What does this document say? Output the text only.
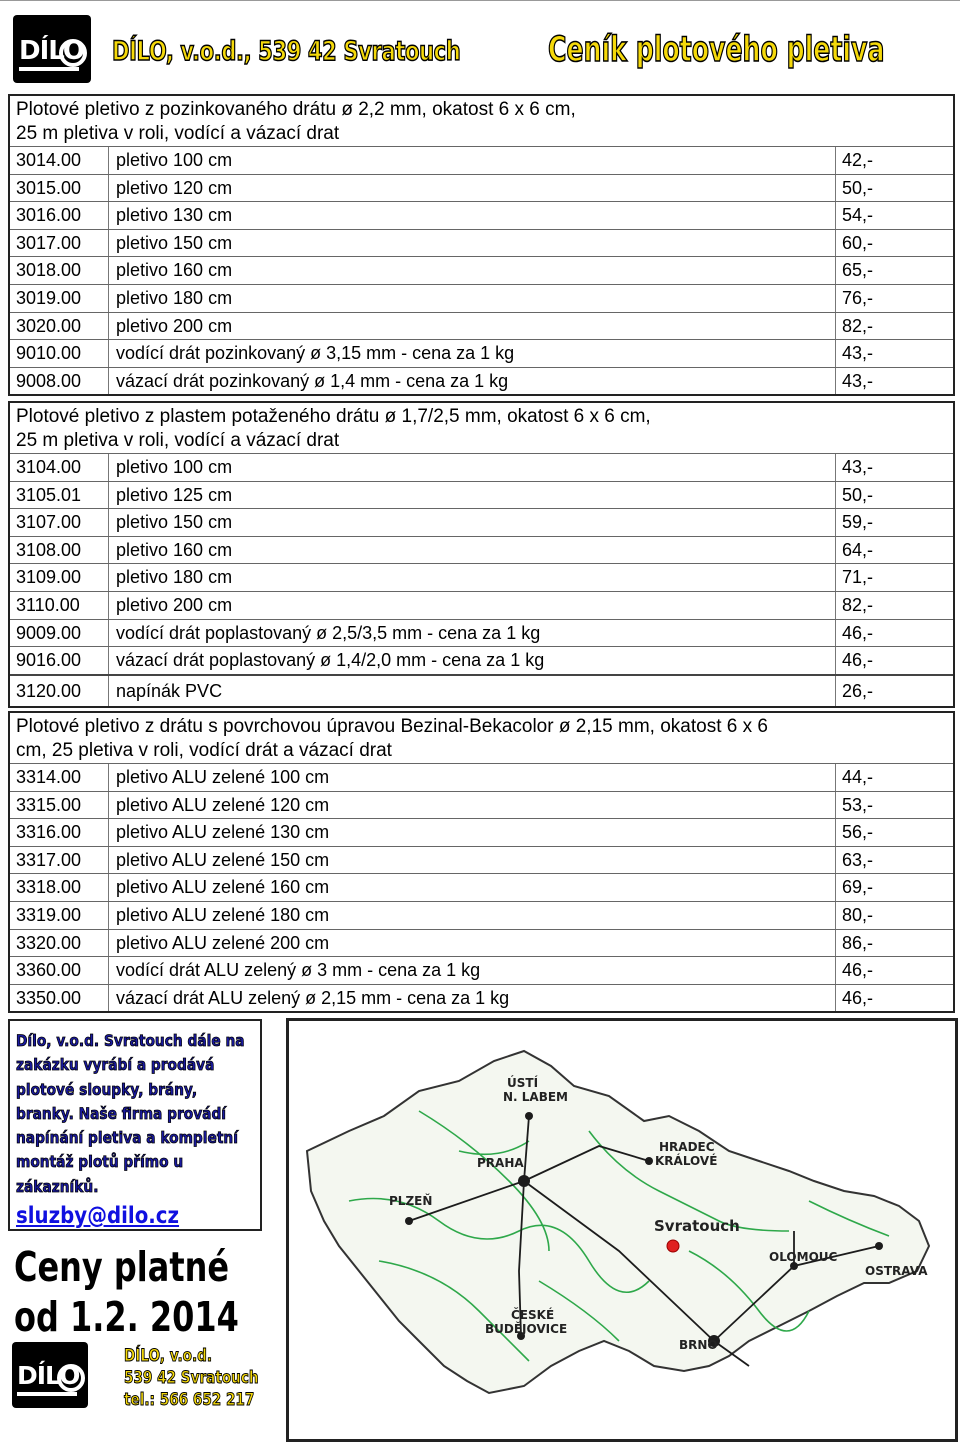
DÍLO DÍLO, v.o.d., 539 42 Svratouch	Ceník plotového pletiva
Plotové pletivo z pozinkovaného drátu ø 2,2 mm, okatost 6 x 6 cm,
25 m pletiva v roli, vodící a vázací drat
3014.00 pletivo 100 cm	42,-
3015.00 pletivo 120 cm	50,-
3016.00 pletivo 130 cm	54,-
3017.00 pletivo 150 cm	60,-
3018.00 pletivo 160 cm	65,-
3019.00 pletivo 180 cm	76,-
3020.00 pletivo 200 cm	82,-
9010.00 vodící drát pozinkovaný ø 3,15 mm - cena za 1 kg	43,-
9008.00 vázací drát pozinkovaný ø 1,4 mm - cena za 1 kg	43,-
Plotové pletivo z plastem potaženého drátu ø 1,7/2,5 mm, okatost 6 x 6 cm,
25 m pletiva v roli, vodící a vázací drat
3104.00 pletivo 100 cm	43,-
3105.01 pletivo 125 cm	50,-
3107.00 pletivo 150 cm	59,-
3108.00 pletivo 160 cm	64,-
3109.00 pletivo 180 cm	71,-
3110.00 pletivo 200 cm	82,-
9009.00 vodící drát poplastovaný ø 2,5/3,5 mm - cena za 1 kg	46,-
9016.00 vázací drát poplastovaný ø 1,4/2,0 mm - cena za 1 kg	46,-
3120.00 napínák PVC	26,-
Plotové pletivo z drátu s povrchovou úpravou Bezinal-Bekacolor ø 2,15 mm, okatost 6 x 6
cm, 25 pletiva v roli, vodící drát a vázací drat
3314.00 pletivo ALU zelené 100 cm	44,-
3315.00 pletivo ALU zelené 120 cm	53,-
3316.00 pletivo ALU zelené 130 cm	56,-
3317.00 pletivo ALU zelené 150 cm	63,-
3318.00 pletivo ALU zelené 160 cm	69,-
3319.00 pletivo ALU zelené 180 cm	80,-
3320.00 pletivo ALU zelené 200 cm	86,-
3360.00 vodící drát ALU zelený ø 3 mm - cena za 1 kg	46,-
3350.00 vázací drát ALU zelený ø 2,15 mm - cena za 1 kg	46,-
Dílo, v.o.d. Svratouch dále na zakázku vyrábí a prodává plotové sloupky, brány, branky. Naše firma provádí napínání pletiva a kompletní montáž plotů přímo u zákazníků.
sluzby@dilo.cz
Ceny platné
od 1.2. 2014
DÍLO
DÍLO, v.o.d.
539 42 Svratouch
tel.: 566 652 217
ÚSTÍ
N. LABEM
HRADEC
KRÁLOVÉ
PRAHA
PLZEŇ
Svratouch
OLOMOUC
OSTRAVA
ČESKÉ
BUDĚJOVICE
BRNO
